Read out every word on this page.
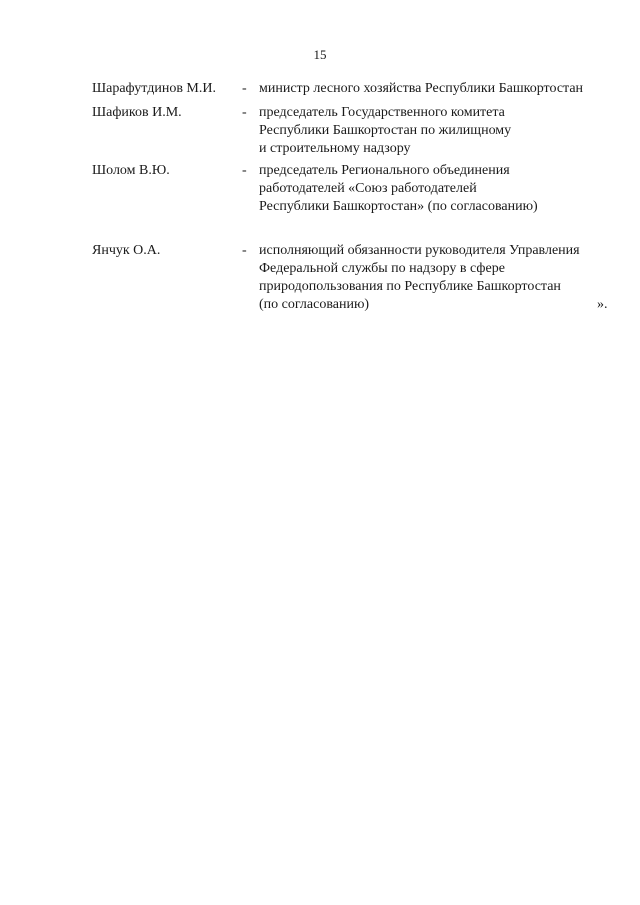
15
Шарафутдинов М.И. - министр лесного хозяйства Республики Башкортостан
Шафиков И.М.	- председатель Государственного комитета
Республики Башкортостан по жилищному
и строительному надзору
Шолом В.Ю.	- председатель Регионального объединения
работодателей «Союз работодателей
Республики Башкортостан» (по согласованию)
Янчук О.А.	- исполняющий обязанности руководителя Управления
Федеральной службы по надзору в сфере
природопользования по Республике Башкортостан
(по согласованию)	».
